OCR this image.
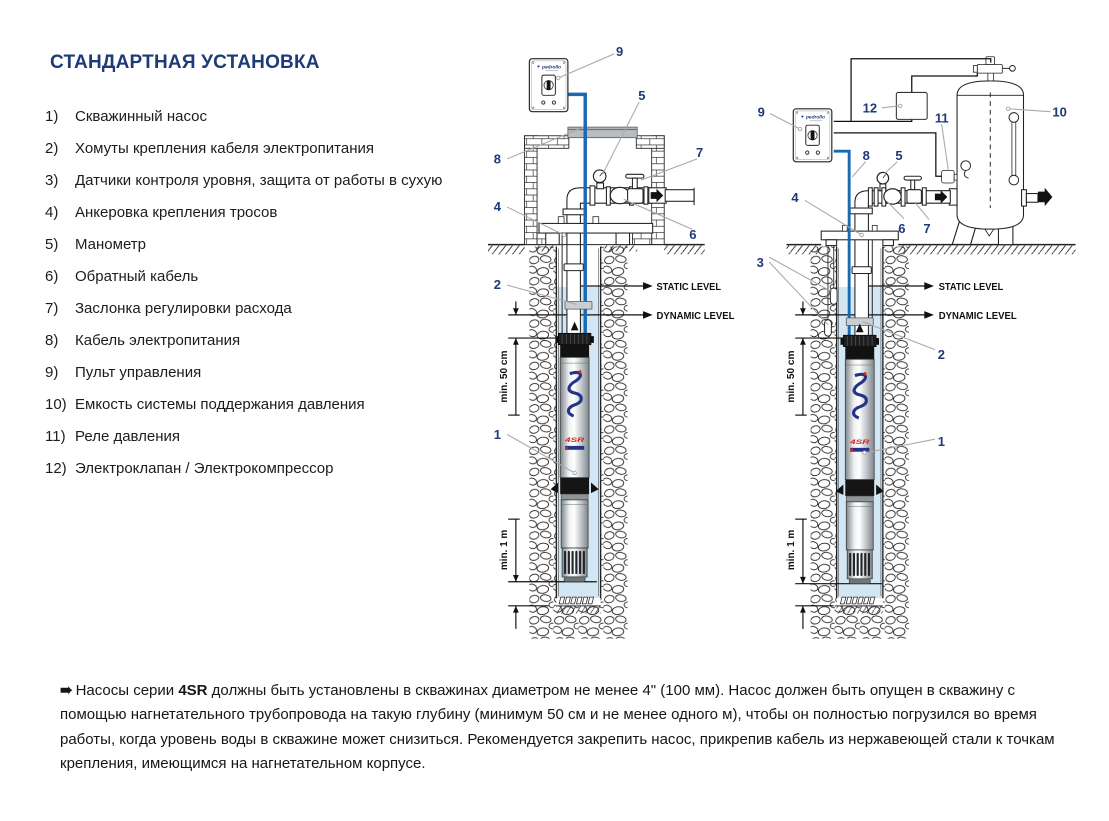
СТАНДАРТНАЯ УСТАНОВКА
1) Скважинный насос
2) Хомуты крепления кабеля электропитания
3) Датчики контроля уровня, защита от работы в сухую
4) Анкеровка крепления тросов
5) Манометр
6) Обратный кабель
7) Заслонка регулировки расхода
8) Кабель электропитания
9) Пульт управления
10) Емкость системы поддержания давления
11) Реле давления
12) Электроклапан / Электрокомпрессор
4SR
pedrollo
min. 50 cm
min. 1 m
STATIC LEVEL
DYNAMIC LEVEL
9
5
7
8
4
6
2
1
min. 50 cm
min. 1 m
STATIC LEVEL
DYNAMIC LEVEL
9	12
11	10
8 5
4
6 7
3
2
1
➠ Насосы серии 4SR должны быть установлены в скважинах диаметром не менее 4" (100 мм). Насос должен быть опущен в скважину с помощью нагнетательного трубопровода на такую глубину (минимум 50 см и не менее одного м), чтобы он полностью погрузился во время работы, когда уровень воды в скважине может снизиться. Рекомендуется закрепить насос, прикрепив кабель из нержавеющей стали к точкам крепления, имеющимся на нагнетательном корпусе.
